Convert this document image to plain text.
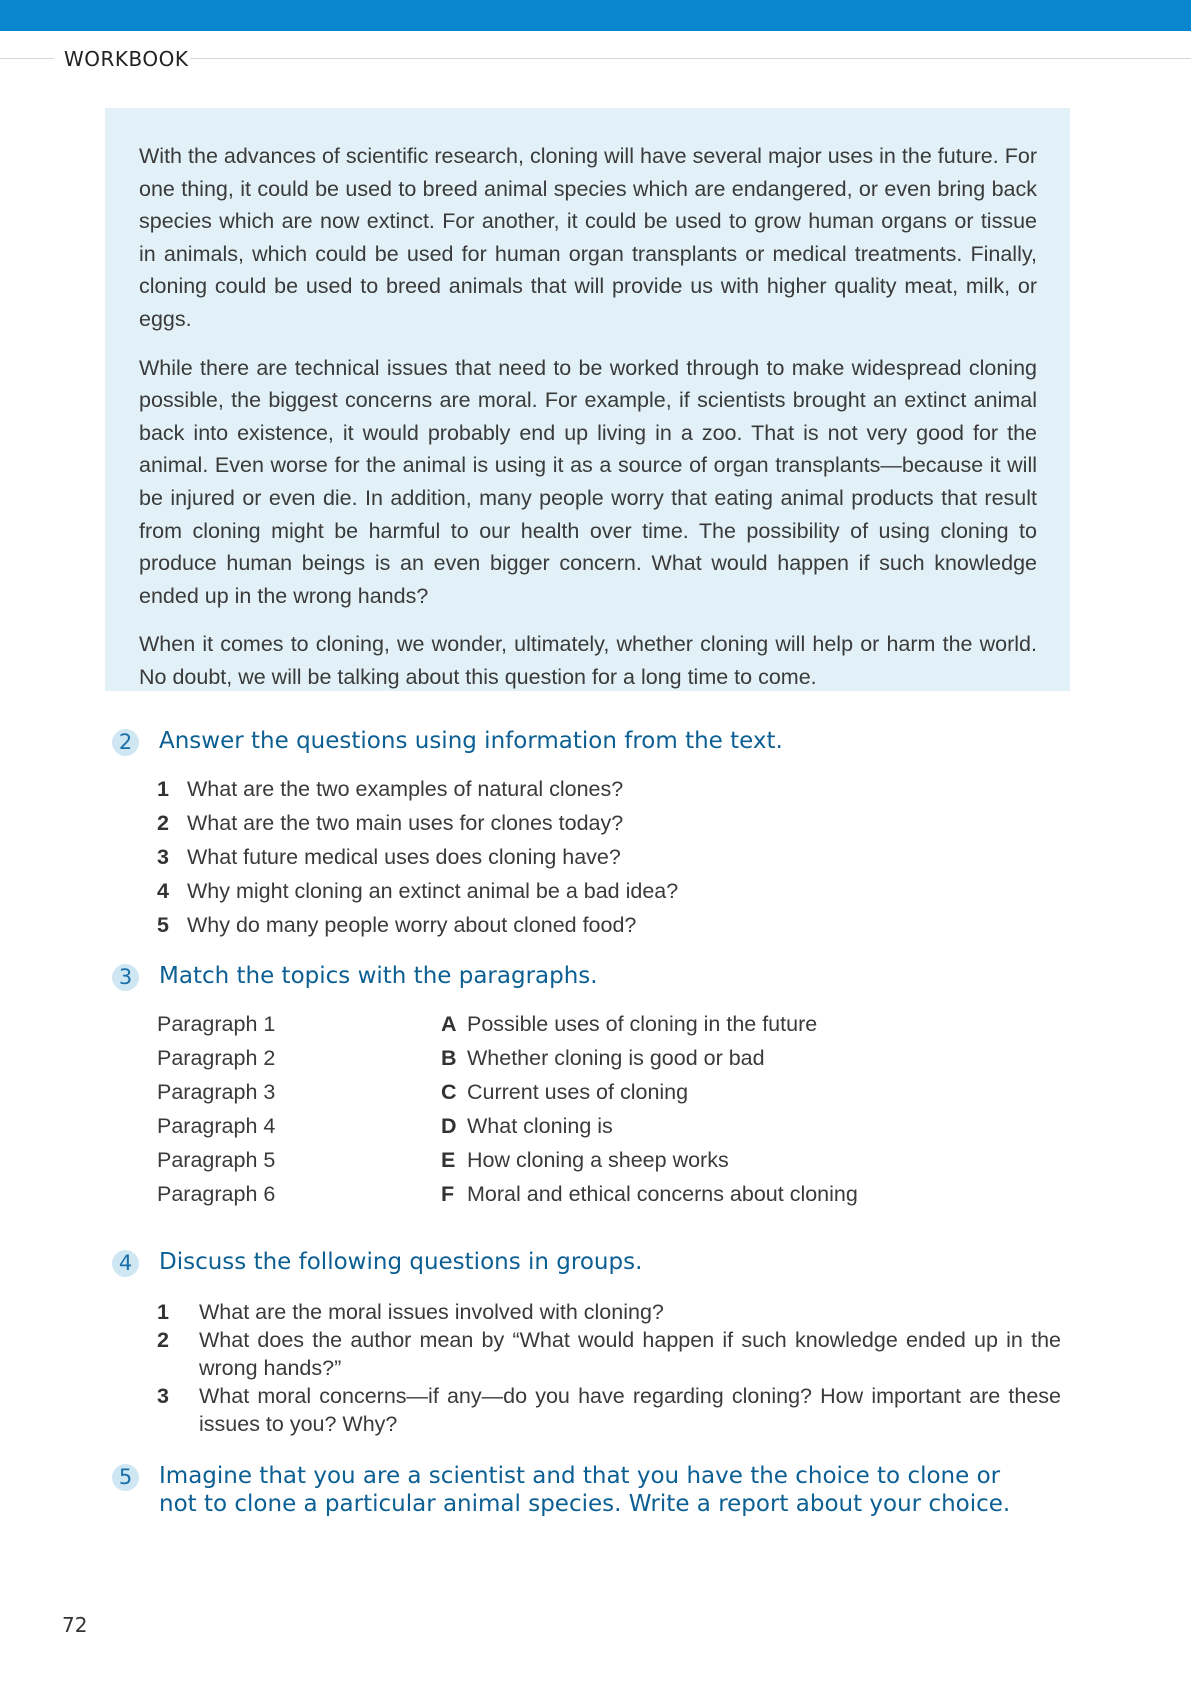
WORKBOOK

With the advances of scientific research, cloning will have several major uses in the future. For one thing, it could be used to breed animal species which are endangered, or even bring back species which are now extinct. For another, it could be used to grow human organs or tissue in animals, which could be used for human organ transplants or medical treatments. Finally, cloning could be used to breed animals that will provide us with higher quality meat, milk, or eggs.

While there are technical issues that need to be worked through to make widespread cloning possible, the biggest concerns are moral. For example, if scientists brought an extinct animal back into existence, it would probably end up living in a zoo. That is not very good for the animal. Even worse for the animal is using it as a source of organ transplants—because it will be injured or even die. In addition, many people worry that eating animal products that result from cloning might be harmful to our health over time. The possibility of using cloning to produce human beings is an even bigger concern. What would happen if such knowledge ended up in the wrong hands?

When it comes to cloning, we wonder, ultimately, whether cloning will help or harm the world. No doubt, we will be talking about this question for a long time to come.

2 Answer the questions using information from the text.
1 What are the two examples of natural clones?
2 What are the two main uses for clones today?
3 What future medical uses does cloning have?
4 Why might cloning an extinct animal be a bad idea?
5 Why do many people worry about cloned food?
3 Match the topics with the paragraphs.
Paragraph 1	A Possible uses of cloning in the future
Paragraph 2	B Whether cloning is good or bad
Paragraph 3	C Current uses of cloning
Paragraph 4	D What cloning is
Paragraph 5	E How cloning a sheep works
Paragraph 6	F Moral and ethical concerns about cloning
4 Discuss the following questions in groups.
1 What are the moral issues involved with cloning?
2 What does the author mean by “What would happen if such knowledge ended up in the wrong hands?”
3 What moral concerns—if any—do you have regarding cloning? How important are these issues to you? Why?
5 Imagine that you are a scientist and that you have the choice to clone or not to clone a particular animal species. Write a report about your choice.
72
